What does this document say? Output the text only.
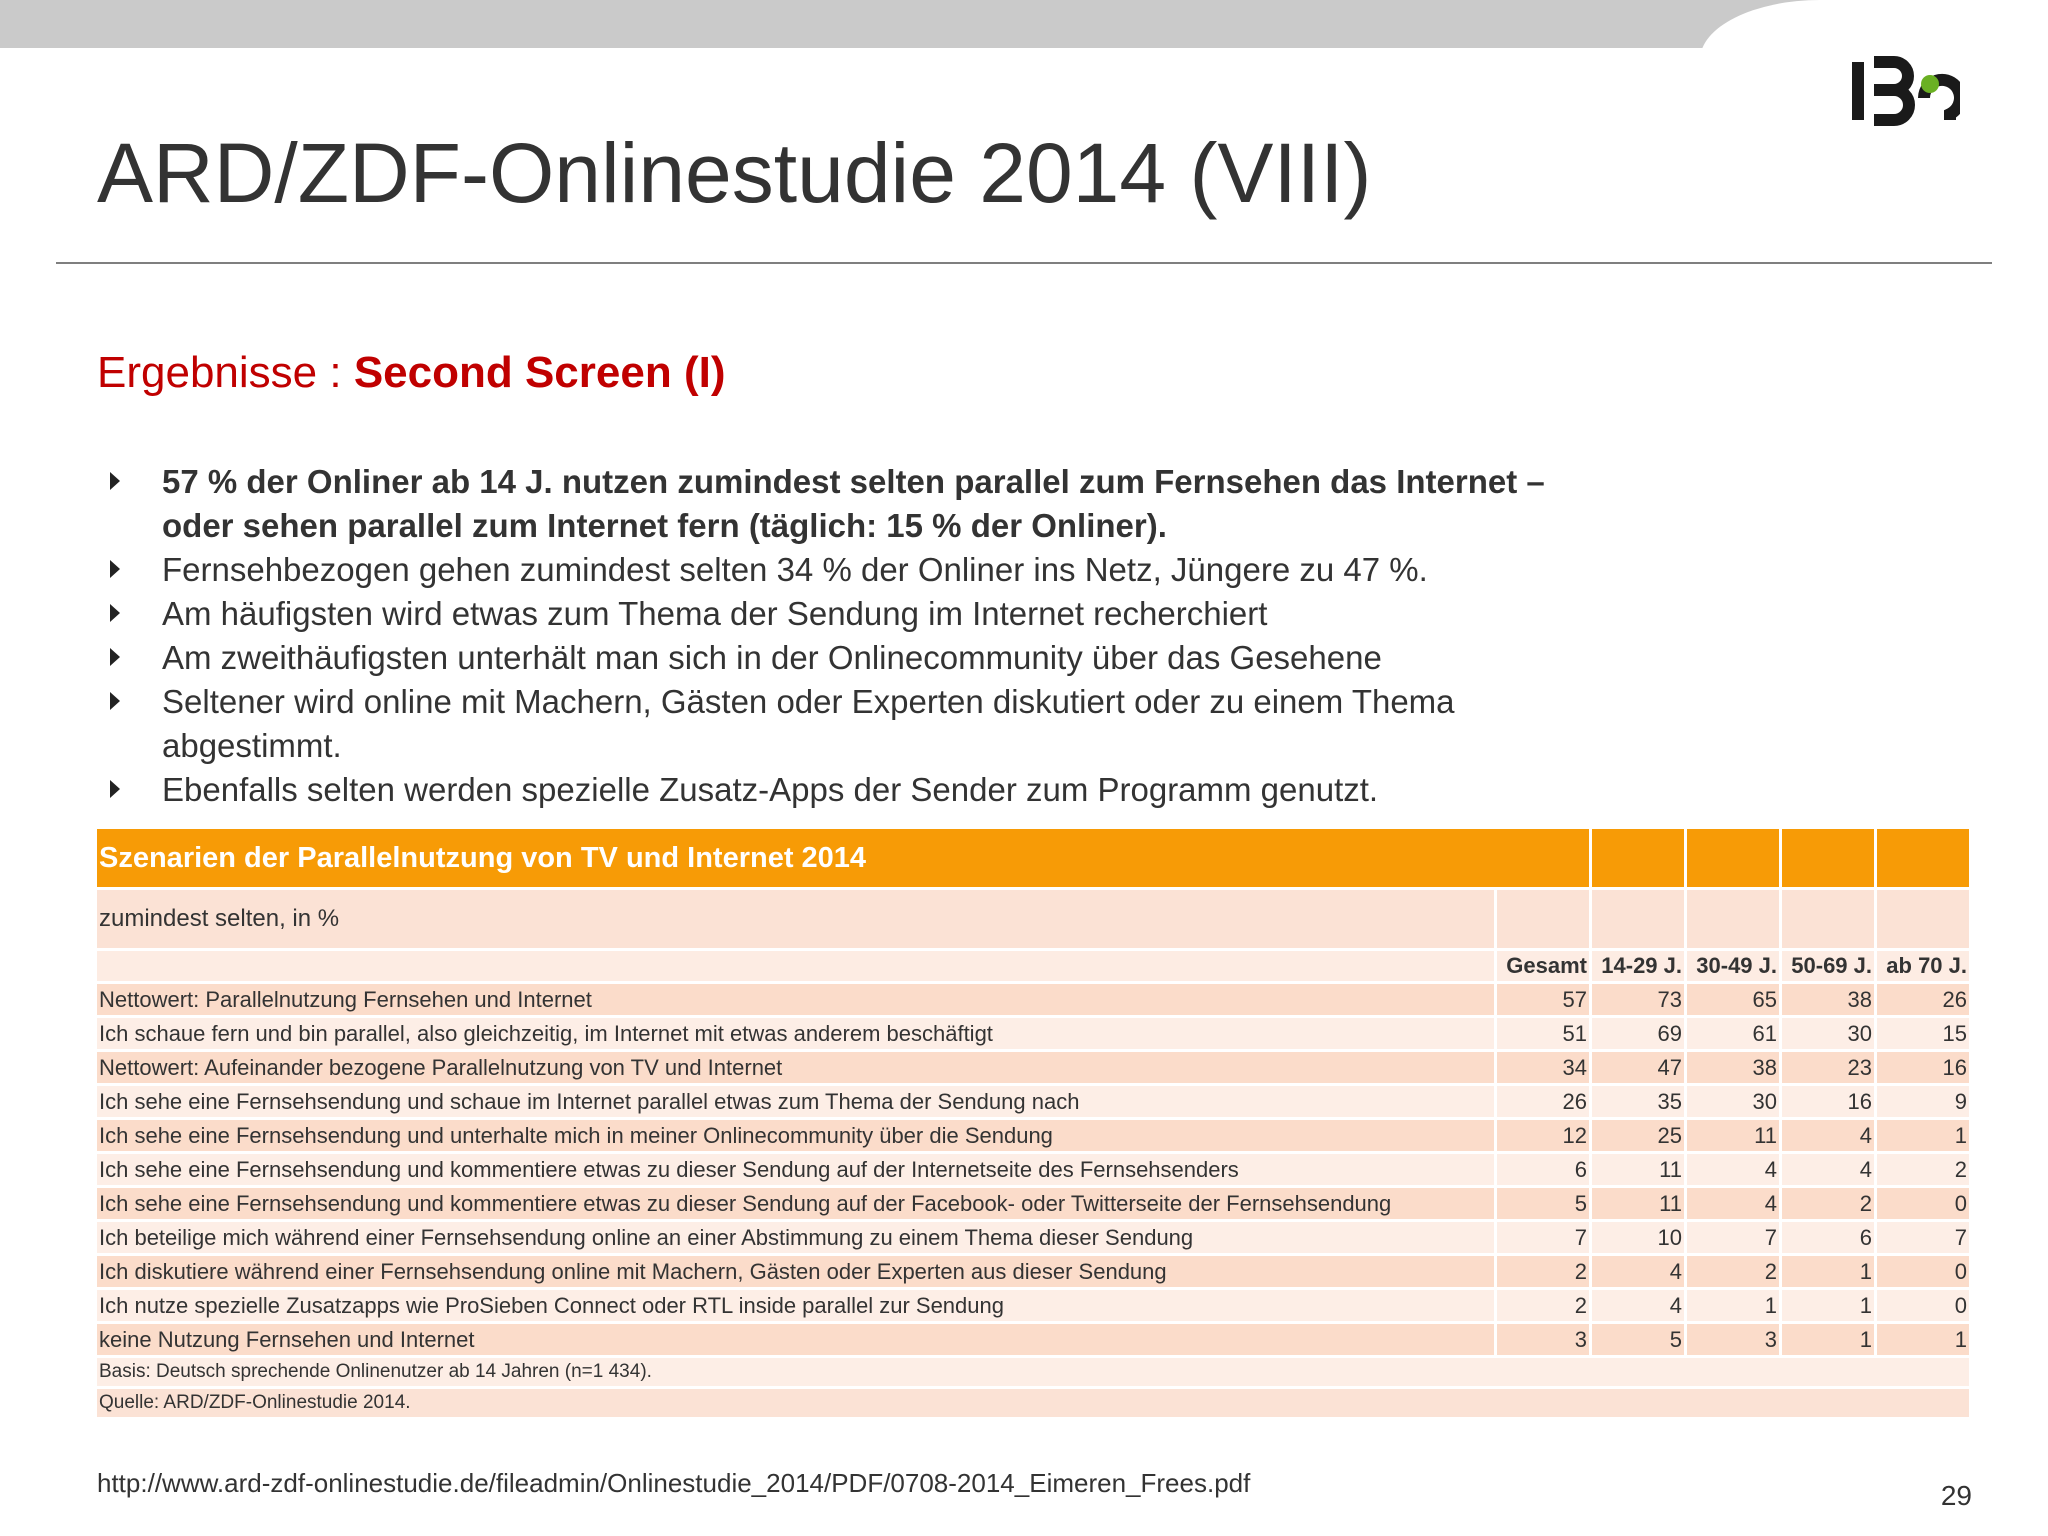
ARD/ZDF-Onlinestudie 2014 (VIII)
Ergebnisse : Second Screen (I)
57 % der Onliner ab 14 J. nutzen zumindest selten parallel zum Fernsehen das Internet – oder sehen parallel zum Internet fern (täglich: 15 % der Onliner).
Fernsehbezogen gehen zumindest selten 34 % der Onliner ins Netz, Jüngere zu 47 %.
Am häufigsten wird etwas zum Thema der Sendung im Internet recherchiert
Am zweithäufigsten unterhält man sich in der Onlinecommunity über das Gesehene
Seltener wird online mit Machern, Gästen oder Experten diskutiert oder zu einem Thema abgestimmt.
Ebenfalls selten werden spezielle Zusatz-Apps der Sender zum Programm genutzt.
Szenarien der Parallelnutzung von TV und Internet 2014					
zumindest selten, in %					
	Gesamt	14-29 J.	30-49 J.	50-69 J.	ab 70 J.
Nettowert: Parallelnutzung Fernsehen und Internet	57	73	65	38	26
Ich schaue fern und bin parallel, also gleichzeitig, im Internet mit etwas anderem beschäftigt	51	69	61	30	15
Nettowert: Aufeinander bezogene Parallelnutzung von TV und Internet	34	47	38	23	16
Ich sehe eine Fernsehsendung und schaue im Internet parallel etwas zum Thema der Sendung nach	26	35	30	16	9
Ich sehe eine Fernsehsendung und unterhalte mich in meiner Onlinecommunity über die Sendung	12	25	11	4	1
Ich sehe eine Fernsehsendung und kommentiere etwas zu dieser Sendung auf der Internetseite des Fernsehsenders	6	11	4	4	2
Ich sehe eine Fernsehsendung und kommentiere etwas zu dieser Sendung auf der Facebook- oder Twitterseite der Fernsehsendung	5	11	4	2	0
Ich beteilige mich während einer Fernsehsendung online an einer Abstimmung zu einem Thema dieser Sendung	7	10	7	6	7
Ich diskutiere während einer Fernsehsendung online mit Machern, Gästen oder Experten aus dieser Sendung	2	4	2	1	0
Ich nutze spezielle Zusatzapps wie ProSieben Connect oder RTL inside parallel zur Sendung	2	4	1	1	0
keine Nutzung Fernsehen und Internet	3	5	3	1	1
Basis: Deutsch sprechende Onlinenutzer ab 14 Jahren (n=1 434).					
Quelle: ARD/ZDF-Onlinestudie 2014.					
http://www.ard-zdf-onlinestudie.de/fileadmin/Onlinestudie_2014/PDF/0708-2014_Eimeren_Frees.pdf	29
